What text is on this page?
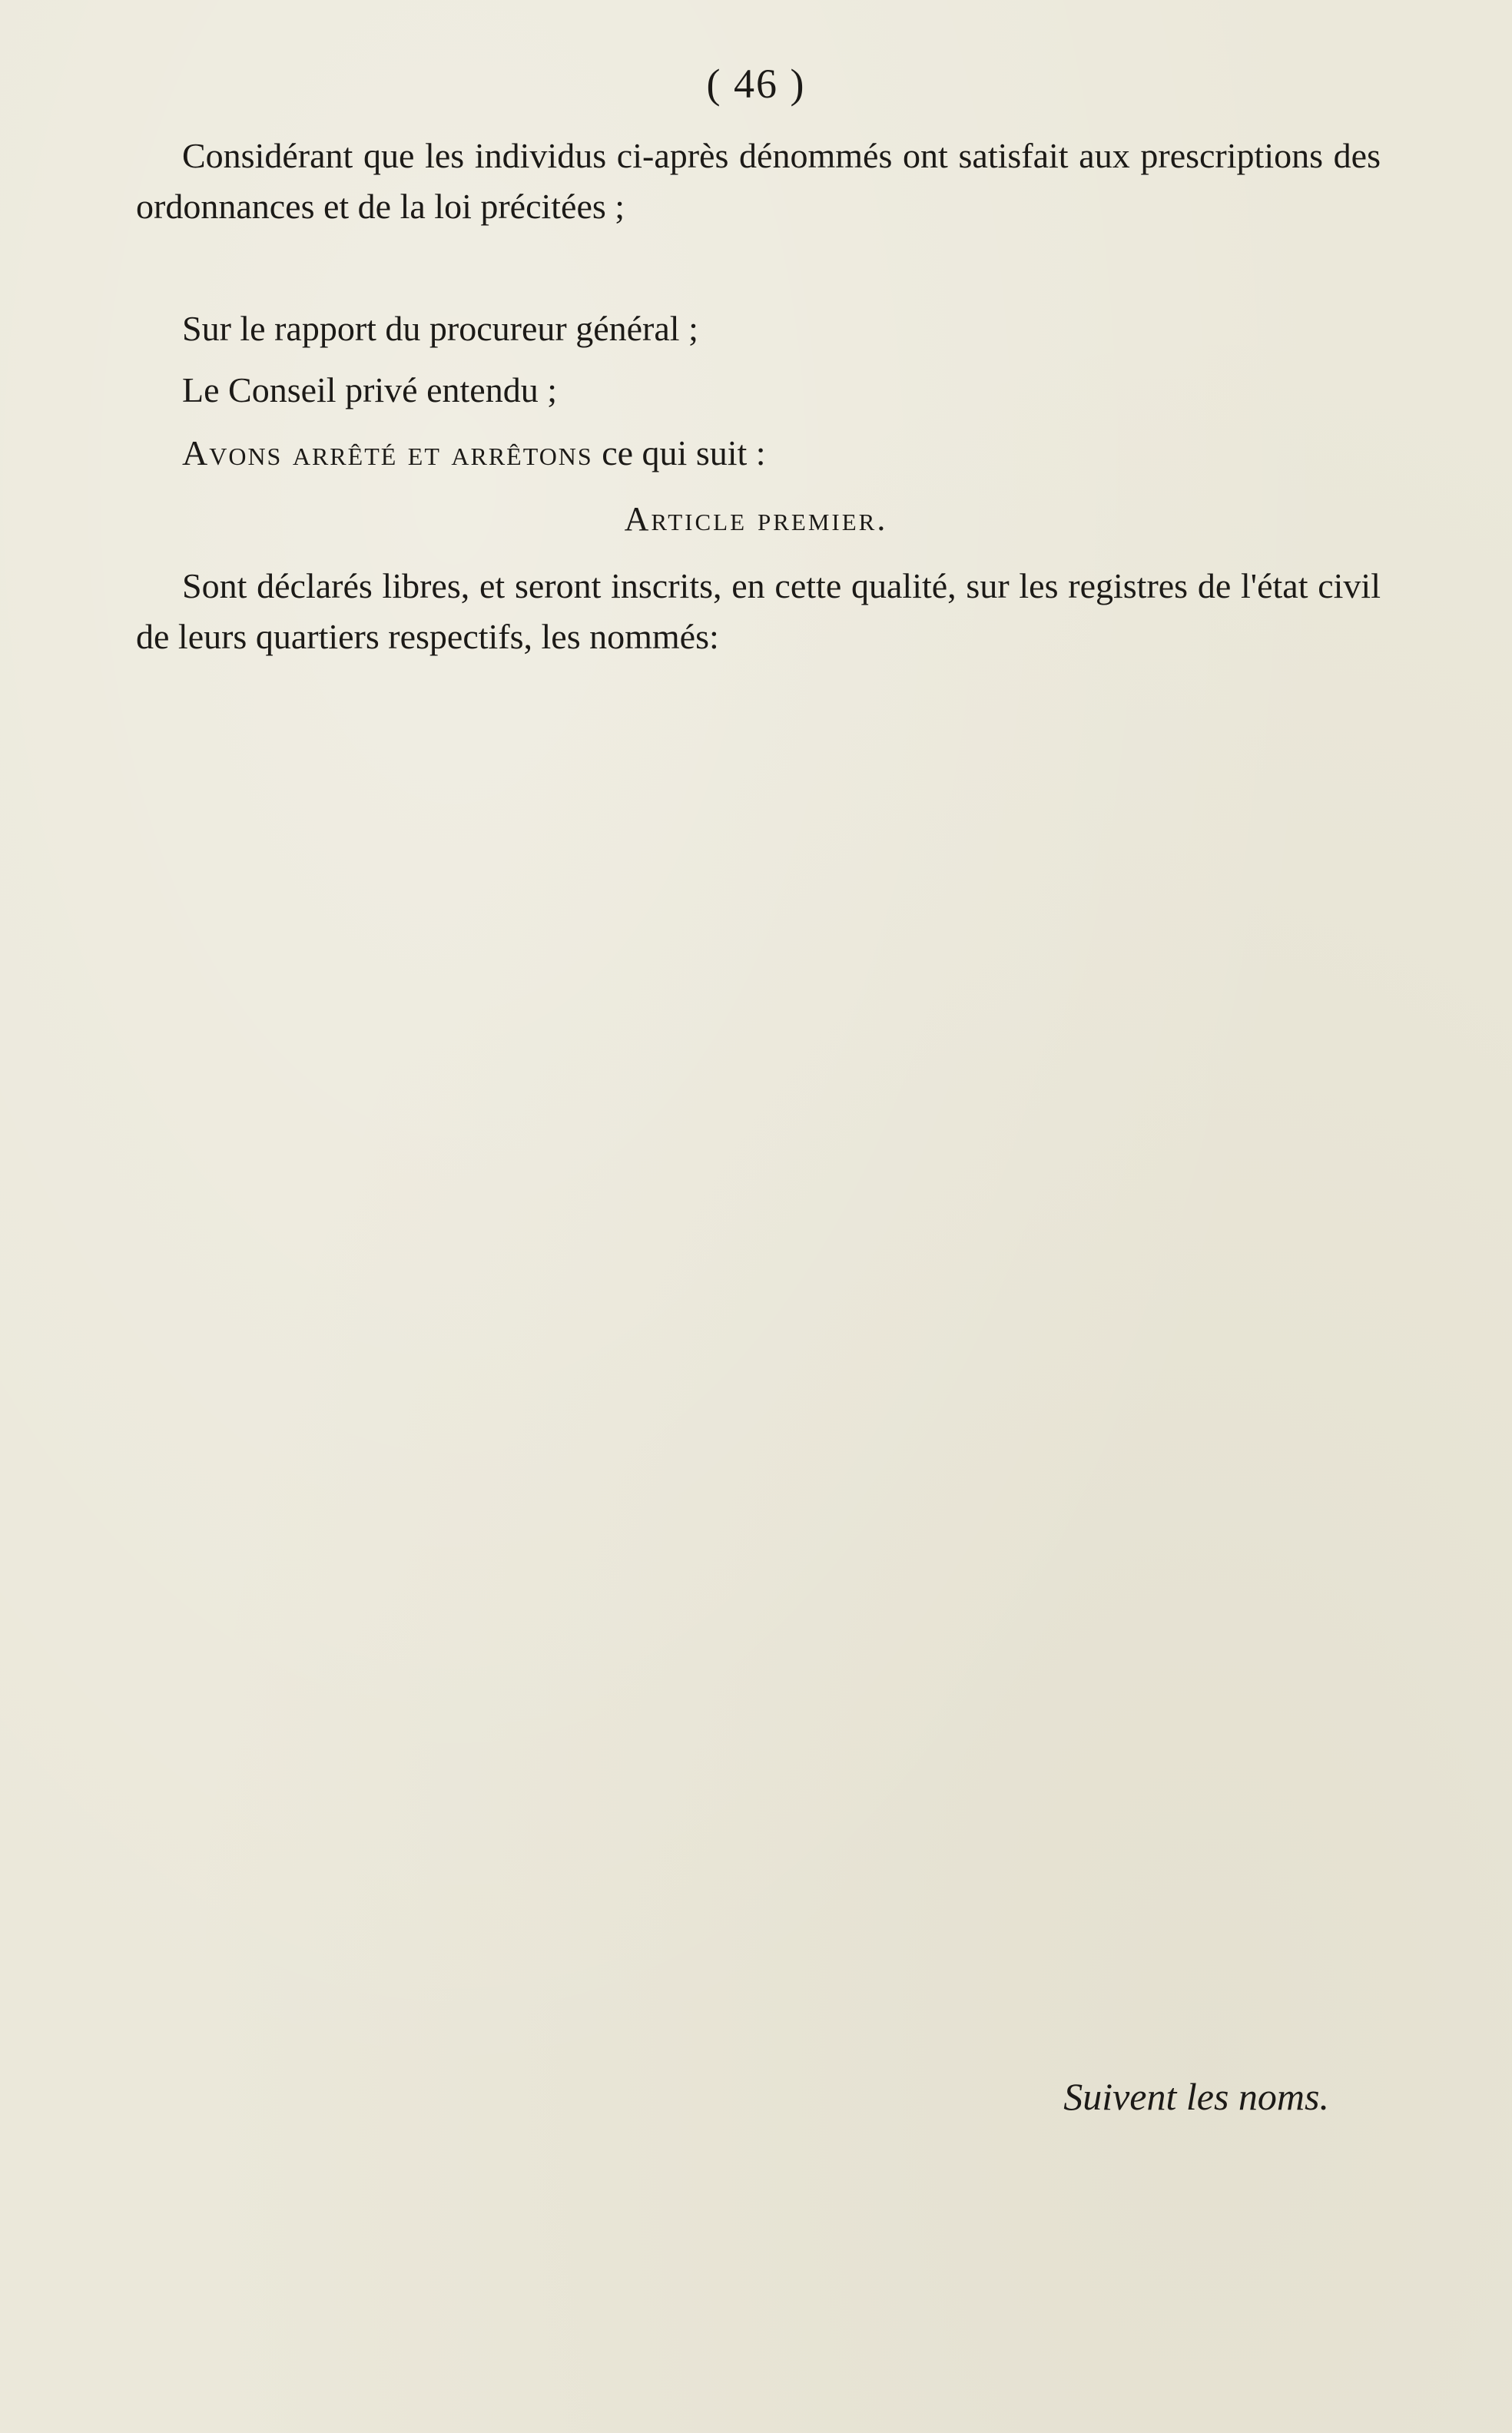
( 46 )

Considérant que les individus ci-après dénommés ont satisfait aux prescriptions des ordonnances et de la loi précitées ;

Sur le rapport du procureur général ;

Le Conseil privé entendu ;

Avons arrêté et arrêtons ce qui suit :

Article premier.

Sont déclarés libres, et seront inscrits, en cette qualité, sur les registres de l'état civil de leurs quartiers respectifs, les nommés:

Suivent les noms.
